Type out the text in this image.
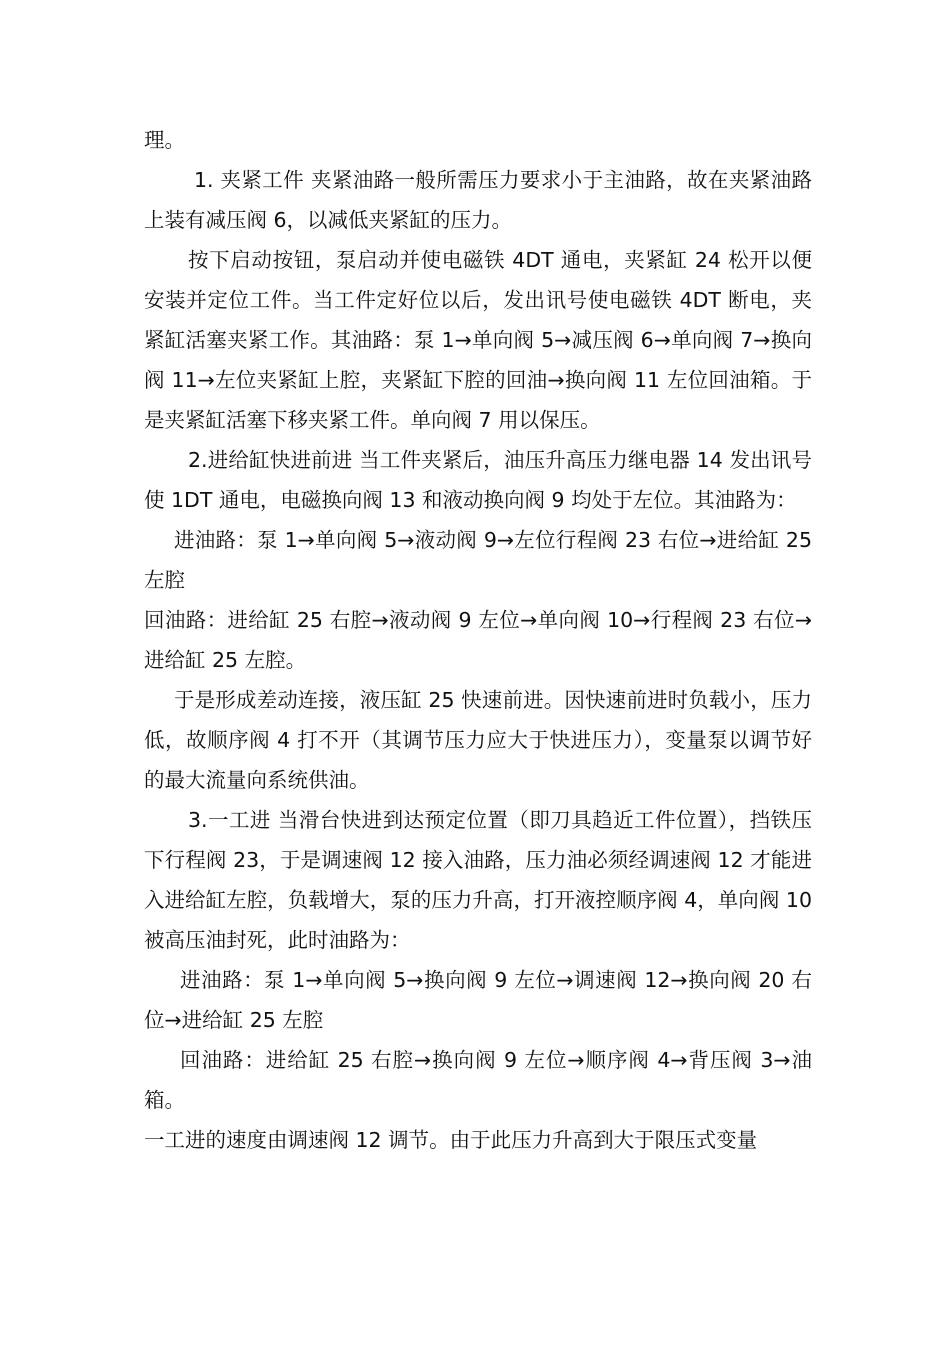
理。

1. 夹紧工件 夹紧油路一般所需压力要求小于主油路，故在夹紧油路上装有减压阀 6，以减低夹紧缸的压力。

按下启动按钮，泵启动并使电磁铁 4DT 通电，夹紧缸 24 松开以便安装并定位工件。当工件定好位以后，发出讯号使电磁铁 4DT 断电，夹紧缸活塞夹紧工作。其油路：泵 1→单向阀 5→减压阀 6→单向阀 7→换向阀 11→左位夹紧缸上腔，夹紧缸下腔的回油→换向阀 11 左位回油箱。于是夹紧缸活塞下移夹紧工件。单向阀 7 用以保压。

2.进给缸快进前进 当工件夹紧后，油压升高压力继电器 14 发出讯号使 1DT 通电，电磁换向阀 13 和液动换向阀 9 均处于左位。其油路为：

进油路：泵 1→单向阀 5→液动阀 9→左位行程阀 23 右位→进给缸 25 左腔

回油路：进给缸 25 右腔→液动阀 9 左位→单向阀 10→行程阀 23 右位→进给缸 25 左腔。

于是形成差动连接，液压缸 25 快速前进。因快速前进时负载小，压力低，故顺序阀 4 打不开（其调节压力应大于快进压力），变量泵以调节好的最大流量向系统供油。

3.一工进 当滑台快进到达预定位置（即刀具趋近工件位置），挡铁压下行程阀 23，于是调速阀 12 接入油路，压力油必须经调速阀 12 才能进入进给缸左腔，负载增大，泵的压力升高，打开液控顺序阀 4，单向阀 10 被高压油封死，此时油路为：

进油路：泵 1→单向阀 5→换向阀 9 左位→调速阀 12→换向阀 20 右位→进给缸 25 左腔

回油路：进给缸 25 右腔→换向阀 9 左位→顺序阀 4→背压阀 3→油箱。

一工进的速度由调速阀 12 调节。由于此压力升高到大于限压式变量
